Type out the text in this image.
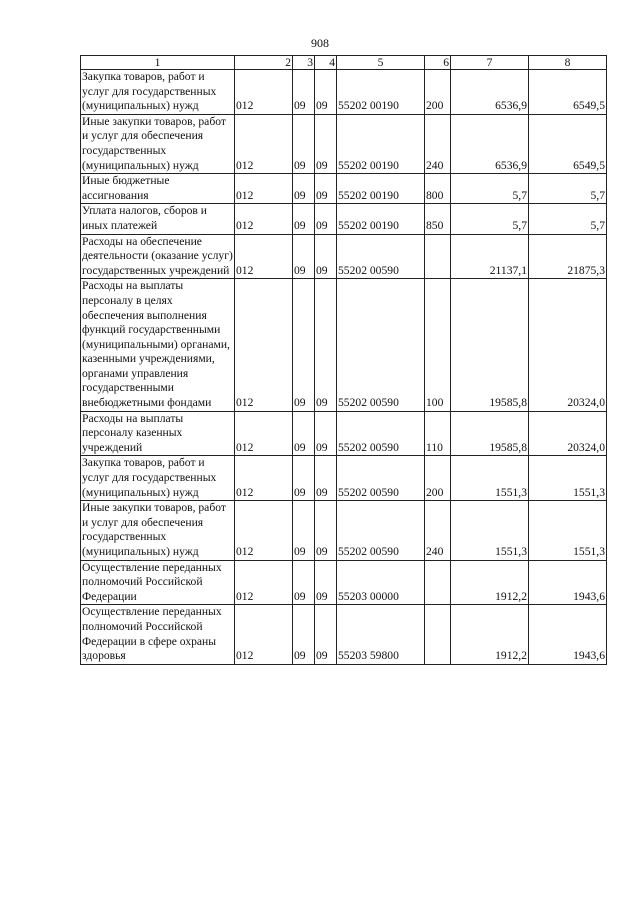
908
1	2	3	4	5	6	7	8
Закупка товаров, работ и услуг для государственных (муниципальных) нужд	012	09	09	55202 00190	200	6536,9	6549,5
Иные закупки товаров, работ и услуг для обеспечения государственных (муниципальных) нужд	012	09	09	55202 00190	240	6536,9	6549,5
Иные бюджетные ассигнования	012	09	09	55202 00190	800	5,7	5,7
Уплата налогов, сборов и иных платежей	012	09	09	55202 00190	850	5,7	5,7
Расходы на обеспечение деятельности (оказание услуг) государственных учреждений	012	09	09	55202 00590		21137,1	21875,3
Расходы на выплаты персоналу в целях обеспечения выполнения функций государственными (муниципальными) органами, казенными учреждениями, органами управления государственными внебюджетными фондами	012	09	09	55202 00590	100	19585,8	20324,0
Расходы на выплаты персоналу казенных учреждений	012	09	09	55202 00590	110	19585,8	20324,0
Закупка товаров, работ и услуг для государственных (муниципальных) нужд	012	09	09	55202 00590	200	1551,3	1551,3
Иные закупки товаров, работ и услуг для обеспечения государственных (муниципальных) нужд	012	09	09	55202 00590	240	1551,3	1551,3
Осуществление переданных полномочий Российской Федерации	012	09	09	55203 00000		1912,2	1943,6
Осуществление переданных полномочий Российской Федерации в сфере охраны здоровья	012	09	09	55203 59800		1912,2	1943,6
